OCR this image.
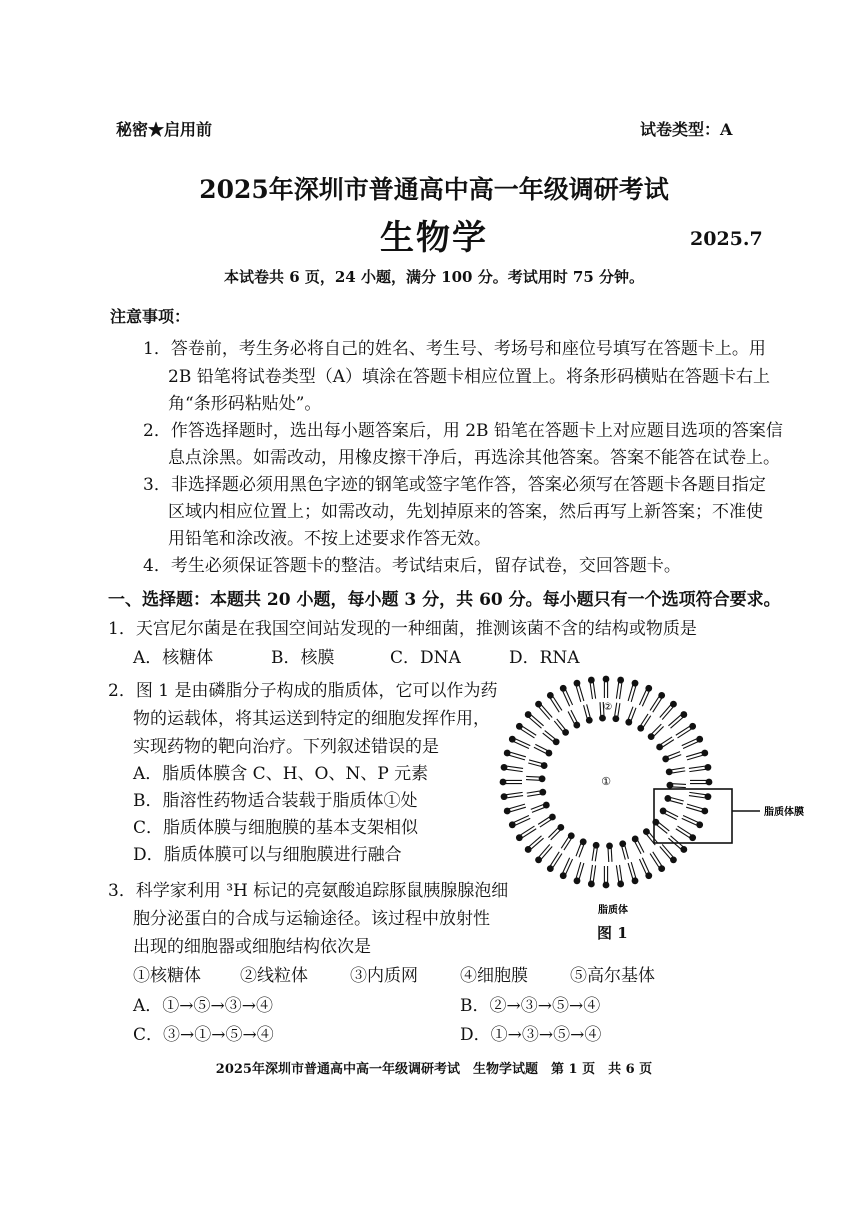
秘密★启用前	试卷类型：A
2025年深圳市普通高中高一年级调研考试
生物学	2025.7
本试卷共 6 页，24 小题，满分 100 分。考试用时 75 分钟。
注意事项：
1．答卷前，考生务必将自己的姓名、考生号、考场号和座位号填写在答题卡上。用
2B 铅笔将试卷类型（A）填涂在答题卡相应位置上。将条形码横贴在答题卡右上
角“条形码粘贴处”。
2．作答选择题时，选出每小题答案后，用 2B 铅笔在答题卡上对应题目选项的答案信
息点涂黑。如需改动，用橡皮擦干净后，再选涂其他答案。答案不能答在试卷上。
3．非选择题必须用黑色字迹的钢笔或签字笔作答，答案必须写在答题卡各题目指定
区域内相应位置上；如需改动，先划掉原来的答案，然后再写上新答案；不准使
用铅笔和涂改液。不按上述要求作答无效。
4．考生必须保证答题卡的整洁。考试结束后，留存试卷，交回答题卡。
一、选择题：本题共 20 小题，每小题 3 分，共 60 分。每小题只有一个选项符合要求。
1．天宫尼尔菌是在我国空间站发现的一种细菌，推测该菌不含的结构或物质是
A．核糖体	B．核膜	C．DNA	D．RNA
2．图 1 是由磷脂分子构成的脂质体，它可以作为药
物的运载体，将其运送到特定的细胞发挥作用，
实现药物的靶向治疗。下列叙述错误的是
A．脂质体膜含 C、H、O、N、P 元素
B．脂溶性药物适合装载于脂质体①处
C．脂质体膜与细胞膜的基本支架相似
D．脂质体膜可以与细胞膜进行融合
①
②
脂质体膜
脂质体
图 1
3．科学家利用 ³H 标记的亮氨酸追踪豚鼠胰腺腺泡细
胞分泌蛋白的合成与运输途径。该过程中放射性
出现的细胞器或细胞结构依次是
①核糖体 ②线粒体 ③内质网 ④细胞膜 ⑤高尔基体
A．①→⑤→③→④	B．②→③→⑤→④
C．③→①→⑤→④	D．①→③→⑤→④
2025年深圳市普通高中高一年级调研考试　生物学试题　第 1 页　共 6 页
